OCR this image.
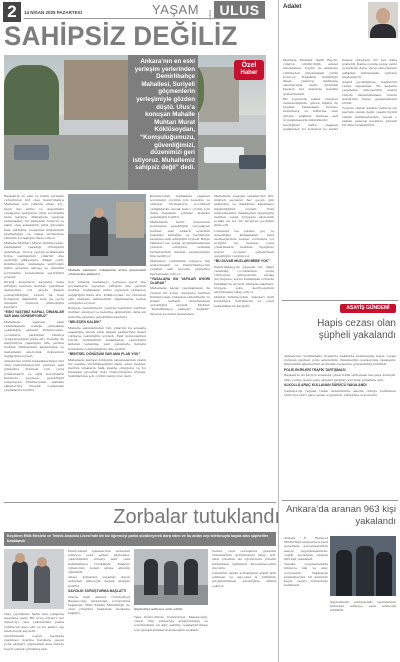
2	14 NİSAN 2025 PAZARTESİ	YAŞAM	HABER ULUS
SAHİPSİZ DEĞİLİZ
Ankara’nın en eski yerleşim yerlerinden Demirlibahçe Mahallesi, Suriyeli göçmenlerin yerleşimiyle gözden düştü. Ulus’a konuşan Mahalle Muhtarı Murat Köklüsoydan, “Komşuluğumuzu, güvenliğimizi, düzenimizi geri istiyoruz. Muhallemiz sahipsiz değil” dedi.
Özel
Haber

Başkentin en eski ve köklü yerleşim yerlerinden biri olan Demirlibahçe Mahallesi son yıllarda artan göç, kayıt dışı nüfus ve denetimsiz yapılaşma nedeniyle ciddi sorunlarla karşı karşıya. Mahallede yaşayan vatandaşlar, bir zamanlar huzurlu ve sakin olan sokakların artık güvensiz hale geldiğini, komşuluk ilişkilerinin zayıfladığını ve temel hizmetlere erişimin zorlaştığını ifade ediyor.

Mahalle Muhtarı Murat Köklüsoydan, mahallenin yaşadığı dönüşümü anlatırken, Ulus’a yaptığı açıklamada bölge sakinlerinin yıllardır dile getirdiği şikâyetlere dikkat çekti. Köklüsoydan, mahallede kontrolsüz nüfus artışının altyapı ve güvenlik sorunlarını beraberinde getirdiğini söyledi.

Kiralık konutların sayısının hızla arttığını belirten muhtar, apartman dairelerine çok sayıda kişinin yerleştirildiğini, bunun da hem komşuluk ilişkilerini hem de çevre düzenini olumsuz etkilediğini kaydetti.

“ESKİ YAŞTIMIZ KAPALI, DİNANLAR VAR AMA GÖREMİYORUZ”

Mahallede yaşayan yaşlı vatandaşların sokağa çıkmaktan çekindiğini aktaran Köklüsoydan, çocukların parklarda rahatça oynayamadığını ifade etti. Esnafın da mağduriyet yaşadığını dile getiren muhtar, dükkânların kapandığını ve mahallenin ekonomik dokusunun değiştiğini söyledi.

Ankara’nın köklü mahallelerinden biri olan Demirlibahçe’nin yeniden eski günlerine dönmesi için yerel yönetimlerin ve ilgili kurumların harekete geçmesi gerektiğini vurgulayan Köklüsoydan, mahalle sakinleriyle düzenli toplantılar yaptıklarını belirtti.

Mahalle sakinleri, sokaklarda artan güvensizlik ortamından şikâyetçi.

Son yıllarda mahalleye yerleşen kayıt dışı göçmenlerin sayısının arttığını dile getiren muhtar, mahallenin nüfus yapısının tamamen değiştiğini ifade etti. Köklüsoydan, bu durumun eski mahalle sakinlerinin taşınmasına neden olduğunu söyledi.

Bölgede denetimlerin yetersiz kaldığını belirten muhtar, emniyet ve belediye ekiplerinin daha sık denetim yapması gerektiğini kaydetti.

“NELEÇEN KALDIK”

Mahalle sakinlerinden biri, yıllardır bu sokakta yaşadığını ancak artık akşam saatlerinde dışarı çıkmaya çekindiğini söyledi. Eski komşularının büyük bölümünün mahalleden taşındığını aktaran vatandaş, yeni gelenlerle iletişim kurmakta zorlandıklarını dile getirdi.

“BENTSEL DÖNÜŞÜM VAR AMA PLAN YOK”

Mahallede kentsel dönüşüm çalışmalarının planlı bir şekilde yürütülmediğini ifade eden muhtar, metruk binaların hâlâ ayakta olduğunu ve bu binaların güvenlik riski oluşturduğunu söyledi. Yetkililerden acil çözüm bekliyoruz dedi.

Köklüsoydan, mahallede yaşanan sorunların çözümü için belediye ve emniyet birimleriyle koordineli çalıştıklarını ancak kalıcı çözüm için daha kapsamlı adımlar atılması gerektiğini belirtti.

Mahallenin tarihi dokusunun korunması gerektiğini vurgulayan muhtar, eski Ankara evlerinin bakımsız kaldığını ve bazılarının kaderine terk edildiğini söyledi. Bölge sakinleri ise sokak aydınlatmalarının yetersiz olduğunu, temizlik hizmetlerinin düzenli yapılmadığını dile getiriyor.

Mahalleli, yetkililerin bölgeye ilgi göstermesini ve Demirlibahçe’nin yeniden eski huzurlu günlerine kavuşmasını istiyor.

“YASALARA BU YAPILAR AYKIRI OLARAK”

Mahallede kaçak yapılaşmanın da önemli bir sorun olduğunu belirten Köklüsoydan, ruhsatsız eklentilerin ve izinsiz katların denetlenmesi gerektiğini söyledi. Muhtar, “Demirlibahçe sahipsiz değildir” diyerek sözlerini tamamladı.

Mahallede yaşayan esnaflardan biri, müşteri sayısının her geçen gün azaldığını ve dükkânını kapatmayı düşündüğünü söyledi. Eski müşterilerinin mahalleden taşındığını belirten esnaf, bölgenin ekonomik açıdan da zor bir süreçten geçtiğini ifade etti.

Uzmanlar ise plansız göç ve denetimsiz kiralamanın kent merkezlerinde benzer sorunlara yol açtığını, bu nedenle yerel yönetimlerin mahalle ölçeğinde sosyal projeler geliştirmesi gerektiğini vurguluyor.

“BU DUVAR MUZLARI BEBE YOK”

Demirlibahçe’de yaşayan bir diğer vatandaş, çocuklarının okula yürüyerek gitmesinden endişe duyduğunu, servis kullanmak zorunda kaldıklarını söyledi. Mahalle sakinleri, bölgede polis devriyelerinin artırılmasını talep ediyor.

Muhtar Köklüsoydan, talepleri ilgili kurumlara ilettiklerini ve yanıt beklediklerini kaydetti.

Adalet

Merhum Mehmet Salih Bey’in, yıllarca sürdürdüğü adalet mücadelesi, bugün de anlamını yitirmeden gündemdeki yerini koruyor. Hukukun üstünlüğü ilkesi, yalnızca mahkeme salonlarında değil, gündelik hayatın her alanında kendini göstermelidir.

Bir toplumda adalet duygusu zedelendiğinde, güven ilişkisi de zayıflar. Vatandaşın devlete, kurumlara ve birbirine olan güveni, adaletin herkese eşit uygulanmasıyla mümkündür.

Geçtiğimiz hafta yaşanan gelişmeler, bu konunun ne kadar hassas olduğunu bir kez daha gösterdi. Kamuoyunda geniş yankı uyandıran dava, yargı süreçlerinin şeffaflığı tartışmasını yeniden alevlendirdi.

Adalet geciktiğinde, mağdurun yarası kapanmaz. Bu nedenle yargılama süreçlerinin makul sürede tamamlanması, hukuk devletinin temel gereklerinden biridir.

Toplum olarak adaleti yalnızca bir kavram olarak değil, yaşam biçimi olarak benimsemeliyiz. Ancak o zaman gelecek nesillere güvenli bir ülke bırakabiliriz.

ASAYİŞ GÜNDEMİ
Hapis cezası olan şüpheli yakalandı

Ankara’nın Yenimahalle ilçesinde hakkında kesinleşmiş hapis cezası bulunan şüpheli, polis ekiplerinin düzenlediği operasyonla yakalandı. Şüphelinin işlemlerinin ardından cezaevine gönderildiği bildirildi.

POLİS EKİPLERİ TRAFİK TARTIŞMASI

Başkentte iki sürücü arasında çıkan trafik tartışması kavgaya dönüştü. Olay yerine gelen polis ekipleri tarafları ayırarak gözaltına aldı.

ALKOLLÜ ARAÇ KULLANAN SÜRÜCÜ YAKALANDI

Çankaya’da yapılan trafik denetiminde alkollü olduğu belirlenen sürücüye idari para cezası uygulandı, ehliyetine el konuldu.

Zorbalar tutuklandı
Keçiören Etlik Mesleki ve Teknik Anadolu Lisesi’nde bir kız öğrenciyi parka sürükleyerek darp eden ve bu anları cep telefonuyla kayda alan şüpheliler tutuklandı.

Olay, geçtiğimiz hafta okul çıkışında meydana geldi. Bir grup öğrenci, kız öğrenciyi okul yakınındaki parka götürerek darp etti ve bu anları cep telefonuyla kaydetti.

Görüntülerin sosyal medyada yayılması üzerine harekete geçen polis ekipleri, şüphelileri kısa sürede tespit ederek gözaltına aldı.

Emniyetteki işlemlerinin ardından adliyeye sevk edilen şüpheliler, çıkarıldıkları nöbetçi sulh ceza hakimliğince tutuklandı. Mağdur öğrencinin tedavi altına alındığı öğrenildi.

Ailesi, kızlarının yaşadığı olayın ardından psikolojik destek aldığını belirtti.

SAVCILIK SORUŞTURMA BAŞLATTI

Olayla ilgili Ankara Cumhuriyet Başsavcılığı tarafından soruşturma başlatıldı. Milli Eğitim Müdürlüğü de okul yönetimi hakkında inceleme başlattı.

Şüpheliler adliyeye sevk edildi.

Yaşa Kontrolünde Cumhuriyet Başsavcılığı, olayın tüm yönleriyle araştırıldığını ve sorumluların en ağır şekilde cezalandırılması için gerekli adımların atılacağını açıkladı.

Veliler, okul çevresinde güvenlik önlemlerinin artırılmasını talep etti. Okul yönetimi ise öğrencilere yönelik farkındalık eğitimleri düzenleneceğini duyurdu.

Uzmanlar, akran zorbalığının erken fark edilmesi ve aile-okul iş birliğinin güçlendirilmesi gerektiğine dikkat çekiyor.

Ankara’da aranan 963 kişi yakalandı

Ankara İl Emniyet Müdürlüğü ekiplerince kent genelinde gerçekleştirilen asayiş uygulamalarında, çeşitli suçlardan aranan 963 kişi yakalandı.

Yapılan uygulamalarda binlerce kişi ve araç sorgulandı. Yakalanan şüphelilerden bir kısmının hapis cezası bulunduğu belirlendi.

Şüphelilerin emniyetteki işlemlerinin ardından adliyeye sevk edileceği bildirildi.
